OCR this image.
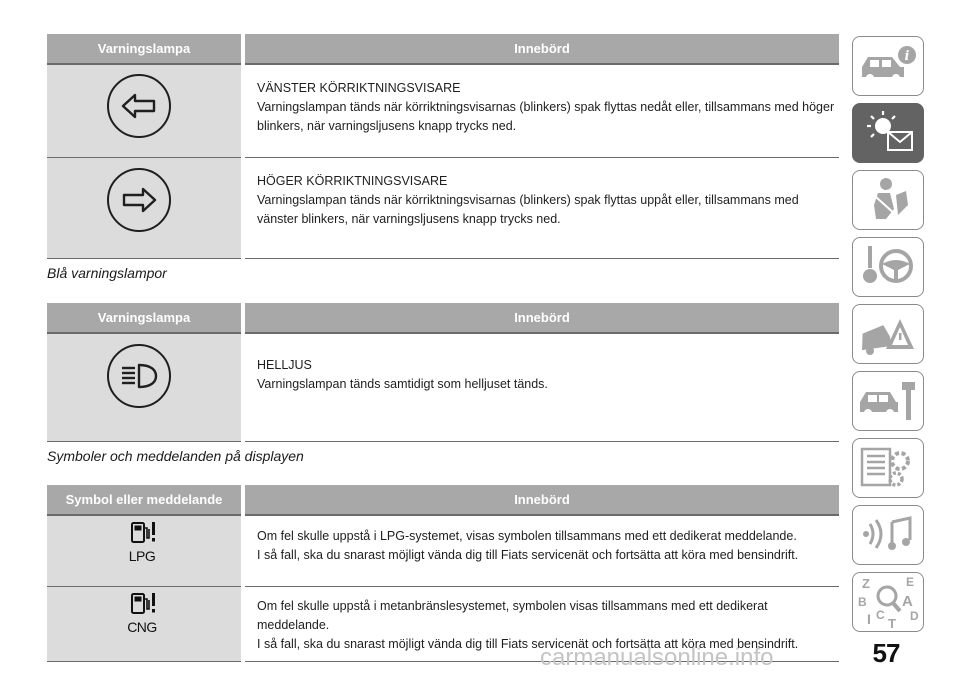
Varningslampa	Innebörd

VÄNSTER KÖRRIKTNINGSVISARE
Varningslampan tänds när körriktningsvisarnas (blinkers) spak flyttas nedåt eller, tillsammans med höger blinkers, när varningsljusens knapp trycks ned.

HÖGER KÖRRIKTNINGSVISARE
Varningslampan tänds när körriktningsvisarnas (blinkers) spak flyttas uppåt eller, tillsammans med vänster blinkers, när varningsljusens knapp trycks ned.
Blå varningslampor
Varningslampa	Innebörd

HELLJUS
Varningslampan tänds samtidigt som helljuset tänds.
Symboler och meddelanden på displayen
Symbol eller meddelande	Innebörd

LPG	Om fel skulle uppstå i LPG-systemet, visas symbolen tillsammans med ett dedikerat meddelande.
I så fall, ska du snarast möjligt vända dig till Fiats servicenät och fortsätta att köra med bensindrift.

CNG	Om fel skulle uppstå i metanbränslesystemet, symbolen visas tillsammans med ett dedikerat meddelande.
I så fall, ska du snarast möjligt vända dig till Fiats servicenät och fortsätta att köra med bensindrift.
i
Z	E
B A
I C D
T
carmanualsonline.info	57
